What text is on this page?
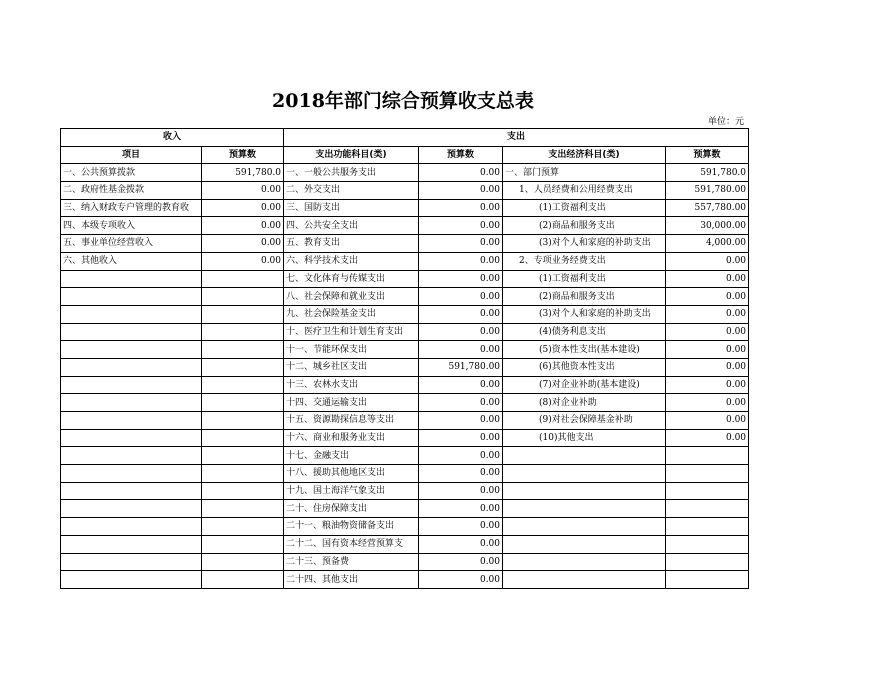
2018年部门综合预算收支总表
单位：元
收入		支出			
项目	预算数	支出功能科目(类)	预算数	支出经济科目(类)	预算数
一、公共预算拨款	591,780.0	一、一般公共服务支出	0.00	一、部门预算	591,780.0
二、政府性基金拨款	0.00	二、外交支出	0.00	1、人员经费和公用经费支出	591,780.00
三、纳入财政专户管理的教育收	0.00	三、国防支出	0.00	(1)工资福利支出	557,780.00
四、本级专项收入	0.00	四、公共安全支出	0.00	(2)商品和服务支出	30,000.00
五、事业单位经营收入	0.00	五、教育支出	0.00	(3)对个人和家庭的补助支出	4,000.00
六、其他收入	0.00	六、科学技术支出	0.00	2、专项业务经费支出	0.00
		七、文化体育与传媒支出	0.00	(1)工资福利支出	0.00
		八、社会保障和就业支出	0.00	(2)商品和服务支出	0.00
		九、社会保险基金支出	0.00	(3)对个人和家庭的补助支出	0.00
		十、医疗卫生和计划生育支出	0.00	(4)债务利息支出	0.00
		十一、节能环保支出	0.00	(5)资本性支出(基本建设)	0.00
		十二、城乡社区支出	591,780.00	(6)其他资本性支出	0.00
		十三、农林水支出	0.00	(7)对企业补助(基本建设)	0.00
		十四、交通运输支出	0.00	(8)对企业补助	0.00
		十五、资源勘探信息等支出	0.00	(9)对社会保障基金补助	0.00
		十六、商业和服务业支出	0.00	(10)其他支出	0.00
		十七、金融支出	0.00		
		十八、援助其他地区支出	0.00		
		十九、国土海洋气象支出	0.00		
		二十、住房保障支出	0.00		
		二十一、粮油物资储备支出	0.00		
		二十二、国有资本经营预算支	0.00		
		二十三、预备费	0.00		
		二十四、其他支出	0.00		
